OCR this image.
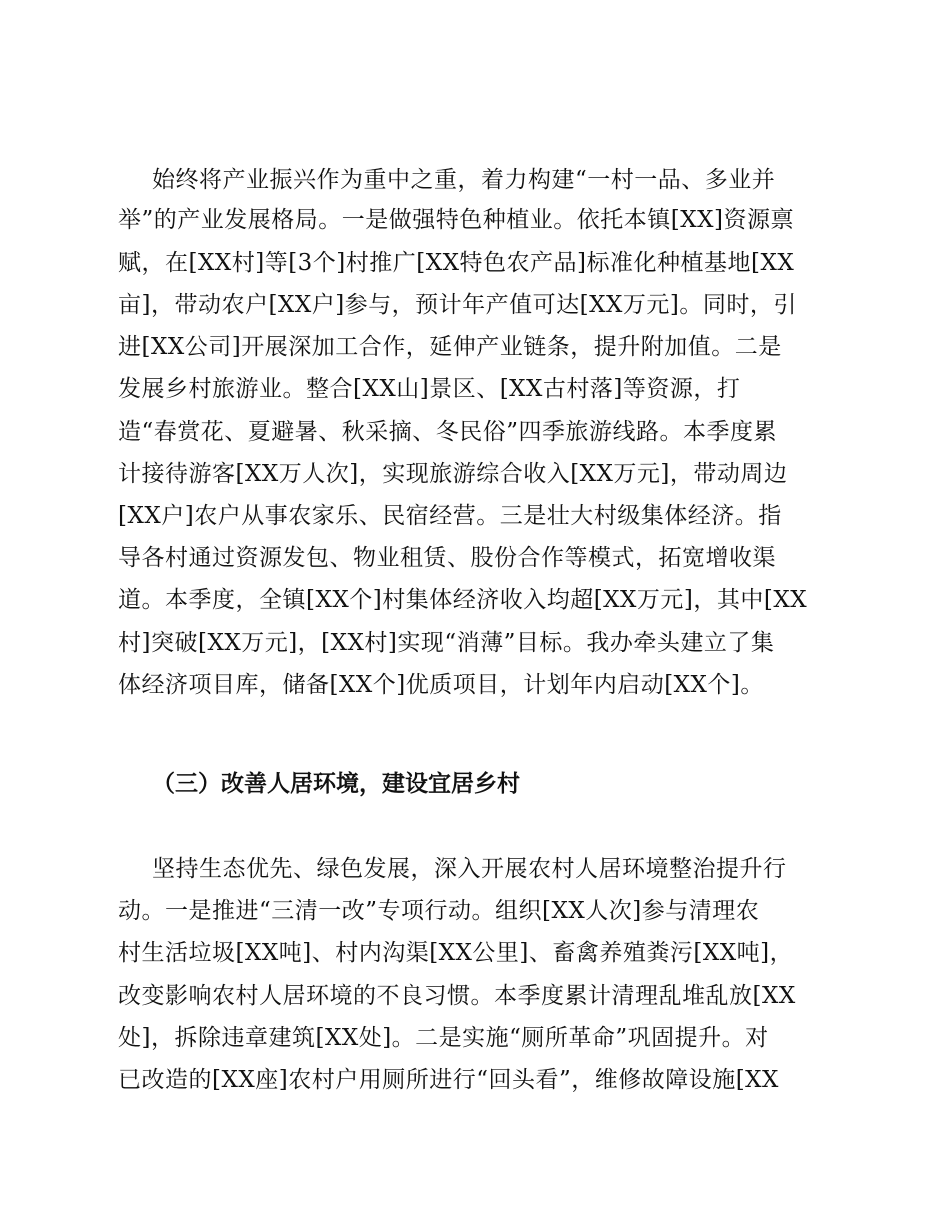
始终将产业振兴作为重中之重，着力构建“一村一品、多业并
举”的产业发展格局。一是做强特色种植业。依托本镇[XX]资源禀
赋，在[XX村]等[3个]村推广[XX特色农产品]标准化种植基地[XX
亩]，带动农户[XX户]参与，预计年产值可达[XX万元]。同时，引
进[XX公司]开展深加工合作，延伸产业链条，提升附加值。二是
发展乡村旅游业。整合[XX山]景区、[XX古村落]等资源，打
造“春赏花、夏避暑、秋采摘、冬民俗”四季旅游线路。本季度累
计接待游客[XX万人次]，实现旅游综合收入[XX万元]，带动周边
[XX户]农户从事农家乐、民宿经营。三是壮大村级集体经济。指
导各村通过资源发包、物业租赁、股份合作等模式，拓宽增收渠
道。本季度，全镇[XX个]村集体经济收入均超[XX万元]，其中[XX
村]突破[XX万元]，[XX村]实现“消薄”目标。我办牵头建立了集
体经济项目库，储备[XX个]优质项目，计划年内启动[XX个]。
（三）改善人居环境，建设宜居乡村
坚持生态优先、绿色发展，深入开展农村人居环境整治提升行
动。一是推进“三清一改”专项行动。组织[XX人次]参与清理农
村生活垃圾[XX吨]、村内沟渠[XX公里]、畜禽养殖粪污[XX吨]，
改变影响农村人居环境的不良习惯。本季度累计清理乱堆乱放[XX
处]，拆除违章建筑[XX处]。二是实施“厕所革命”巩固提升。对
已改造的[XX座]农村户用厕所进行“回头看”，维修故障设施[XX
